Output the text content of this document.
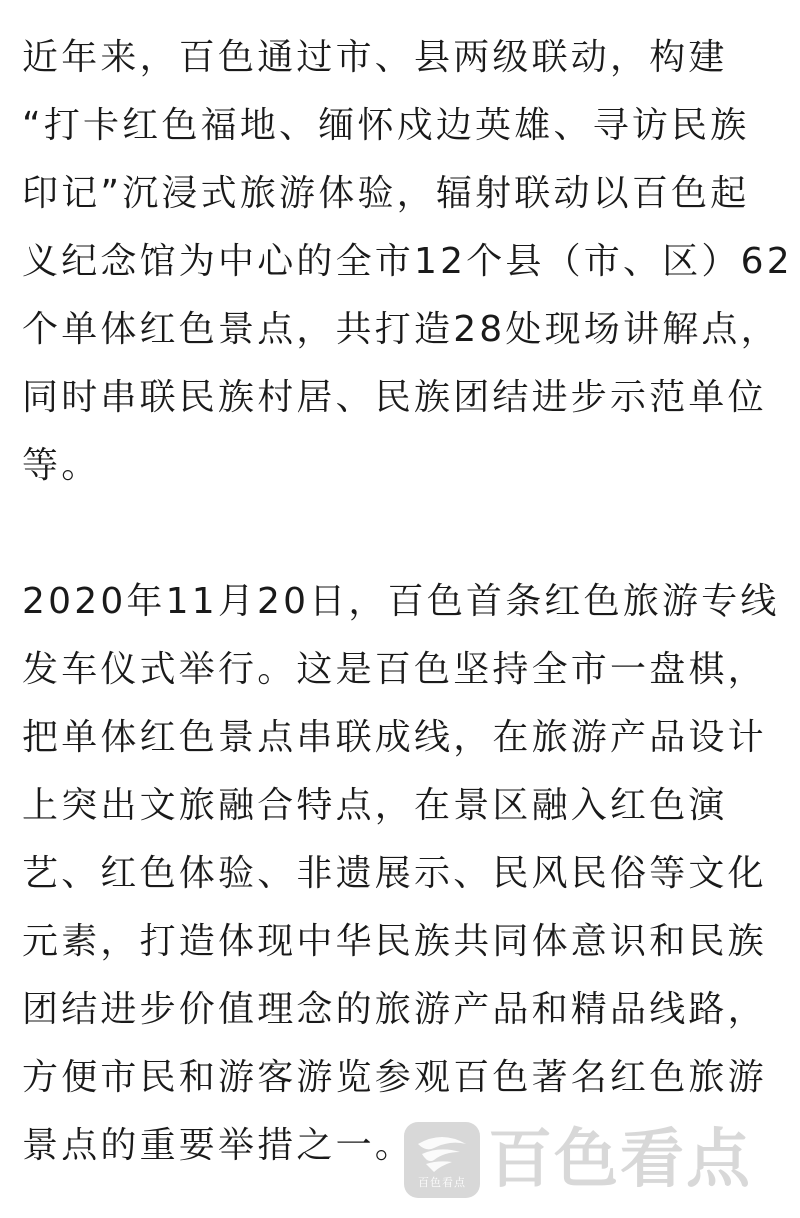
近年来，百色通过市、县两级联动，构建
“打卡红色福地、缅怀戍边英雄、寻访民族
印记”沉浸式旅游体验，辐射联动以百色起
义纪念馆为中心的全市12个县（市、区）62
个单体红色景点，共打造28处现场讲解点，
同时串联民族村居、民族团结进步示范单位
等。

2020年11月20日，百色首条红色旅游专线
发车仪式举行。这是百色坚持全市一盘棋，
把单体红色景点串联成线，在旅游产品设计
上突出文旅融合特点，在景区融入红色演
艺、红色体验、非遗展示、民风民俗等文化
元素，打造体现中华民族共同体意识和民族
团结进步价值理念的旅游产品和精品线路，
方便市民和游客游览参观百色著名红色旅游
景点的重要举措之一。

百色看点 百色看点
